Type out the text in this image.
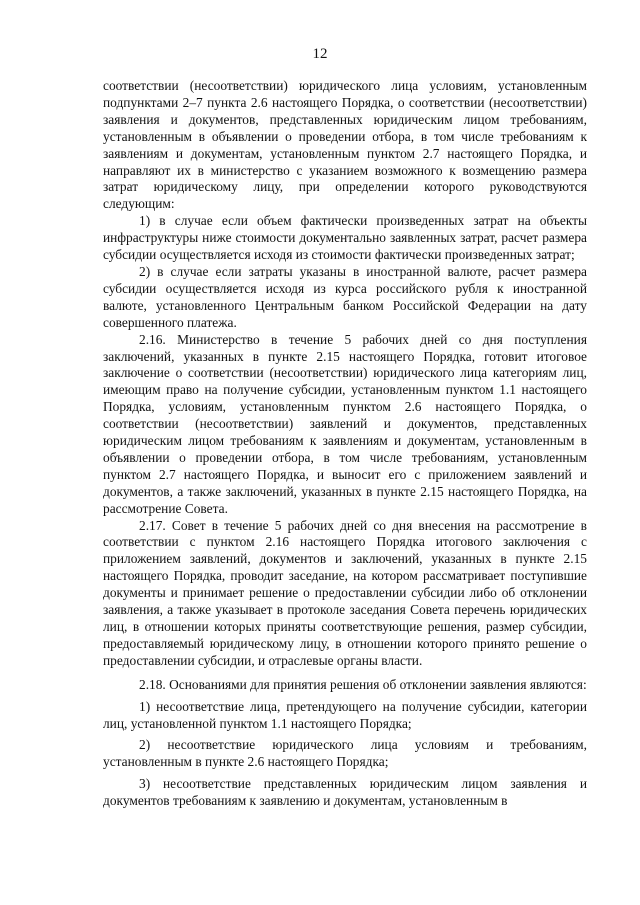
12

соответствии (несоответствии) юридического лица условиям, установленным подпунктами 2–7 пункта 2.6 настоящего Порядка, о соответствии (несоответствии) заявления и документов, представленных юридическим лицом требованиям, установленным в объявлении о проведении отбора, в том числе требованиям к заявлениям и документам, установленным пунктом 2.7 настоящего Порядка, и направляют их в министерство с указанием возможного к возмещению размера затрат юридическому лицу, при определении которого руководствуются следующим:

1) в случае если объем фактически произведенных затрат на объекты инфраструктуры ниже стоимости документально заявленных затрат, расчет размера субсидии осуществляется исходя из стоимости фактически произведенных затрат;

2) в случае если затраты указаны в иностранной валюте, расчет размера субсидии осуществляется исходя из курса российского рубля к иностранной валюте, установленного Центральным банком Российской Федерации на дату совершенного платежа.

2.16. Министерство в течение 5 рабочих дней со дня поступления заключений, указанных в пункте 2.15 настоящего Порядка, готовит итоговое заключение о соответствии (несоответствии) юридического лица категориям лиц, имеющим право на получение субсидии, установленным пунктом 1.1 настоящего Порядка, условиям, установленным пунктом 2.6 настоящего Порядка, о соответствии (несоответствии) заявлений и документов, представленных юридическим лицом требованиям к заявлениям и документам, установленным в объявлении о проведении отбора, в том числе требованиям, установленным пунктом 2.7 настоящего Порядка, и выносит его с приложением заявлений и документов, а также заключений, указанных в пункте 2.15 настоящего Порядка, на рассмотрение Совета.

2.17. Совет в течение 5 рабочих дней со дня внесения на рассмотрение в соответствии с пунктом 2.16 настоящего Порядка итогового заключения с приложением заявлений, документов и заключений, указанных в пункте 2.15 настоящего Порядка, проводит заседание, на котором рассматривает поступившие документы и принимает решение о предоставлении субсидии либо об отклонении заявления, а также указывает в протоколе заседания Совета перечень юридических лиц, в отношении которых приняты соответствующие решения, размер субсидии, предоставляемый юридическому лицу, в отношении которого принято решение о предоставлении субсидии, и отраслевые органы власти.

2.18. Основаниями для принятия решения об отклонении заявления являются:

1) несоответствие лица, претендующего на получение субсидии, категории лиц, установленной пунктом 1.1 настоящего Порядка;

2) несоответствие юридического лица условиям и требованиям, установленным в пункте 2.6 настоящего Порядка;

3) несоответствие представленных юридическим лицом заявления и документов требованиям к заявлению и документам, установленным в
